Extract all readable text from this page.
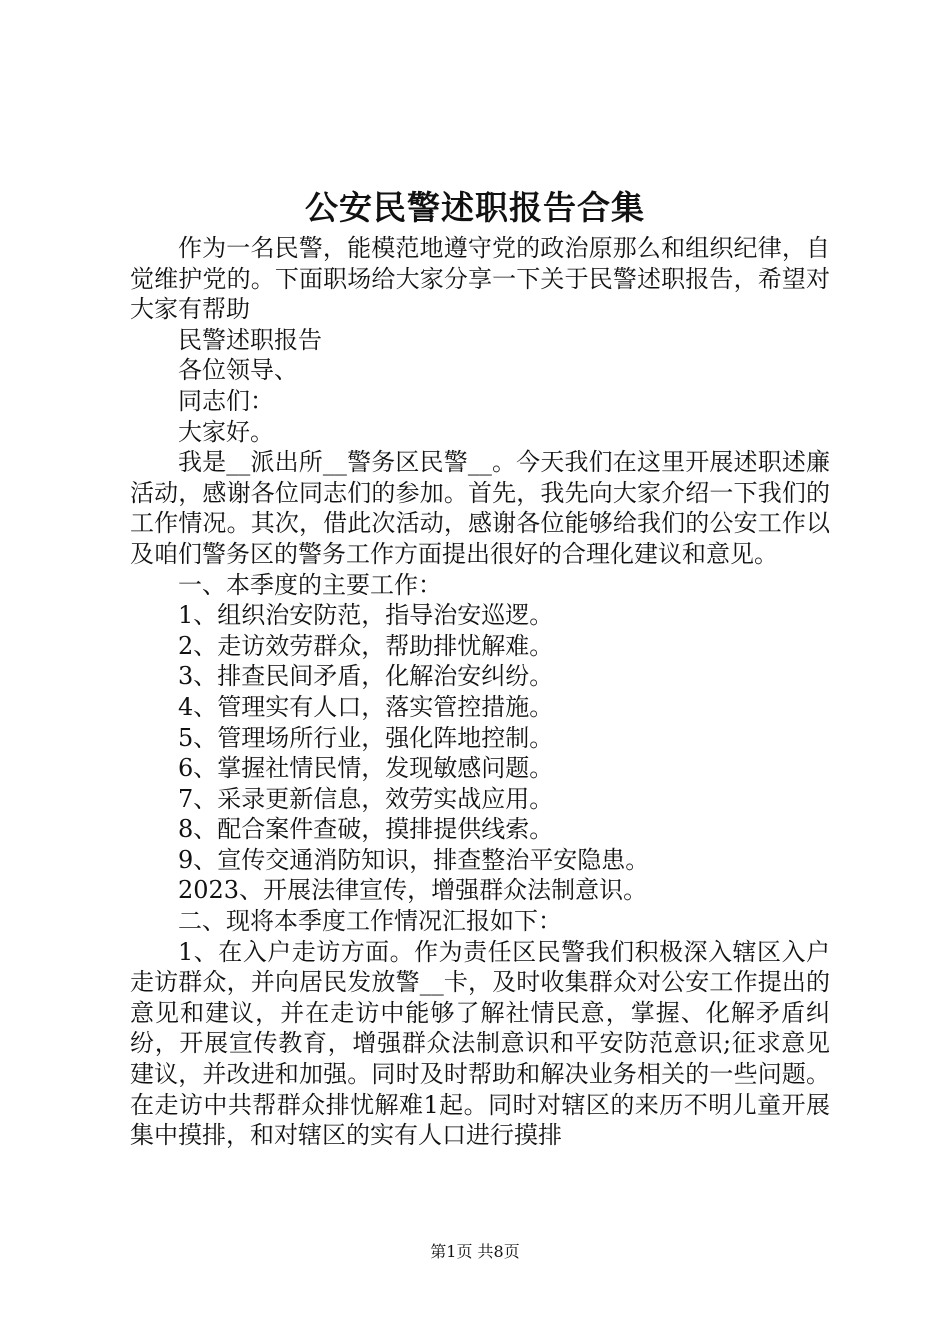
公安民警述职报告合集

作为一名民警，能模范地遵守党的政治原那么和组织纪律，自觉维护党的。下面职场给大家分享一下关于民警述职报告，希望对大家有帮助

民警述职报告

各位领导、

同志们：

大家好。

我是__派出所__警务区民警__。今天我们在这里开展述职述廉活动，感谢各位同志们的参加。首先，我先向大家介绍一下我们的工作情况。其次，借此次活动，感谢各位能够给我们的公安工作以及咱们警务区的警务工作方面提出很好的合理化建议和意见。

一、本季度的主要工作：

1、组织治安防范，指导治安巡逻。

2、走访效劳群众，帮助排忧解难。

3、排查民间矛盾，化解治安纠纷。

4、管理实有人口，落实管控措施。

5、管理场所行业，强化阵地控制。

6、掌握社情民情，发现敏感问题。

7、采录更新信息，效劳实战应用。

8、配合案件查破，摸排提供线索。

9、宣传交通消防知识，排查整治平安隐患。

2023、开展法律宣传，增强群众法制意识。

二、现将本季度工作情况汇报如下：

1、在入户走访方面。作为责任区民警我们积极深入辖区入户走访群众，并向居民发放警__卡，及时收集群众对公安工作提出的意见和建议，并在走访中能够了解社情民意，掌握、化解矛盾纠纷，开展宣传教育，增强群众法制意识和平安防范意识;征求意见建议，并改进和加强。同时及时帮助和解决业务相关的一些问题。在走访中共帮群众排忧解难1起。同时对辖区的来历不明儿童开展集中摸排，和对辖区的实有人口进行摸排

第1页 共8页
